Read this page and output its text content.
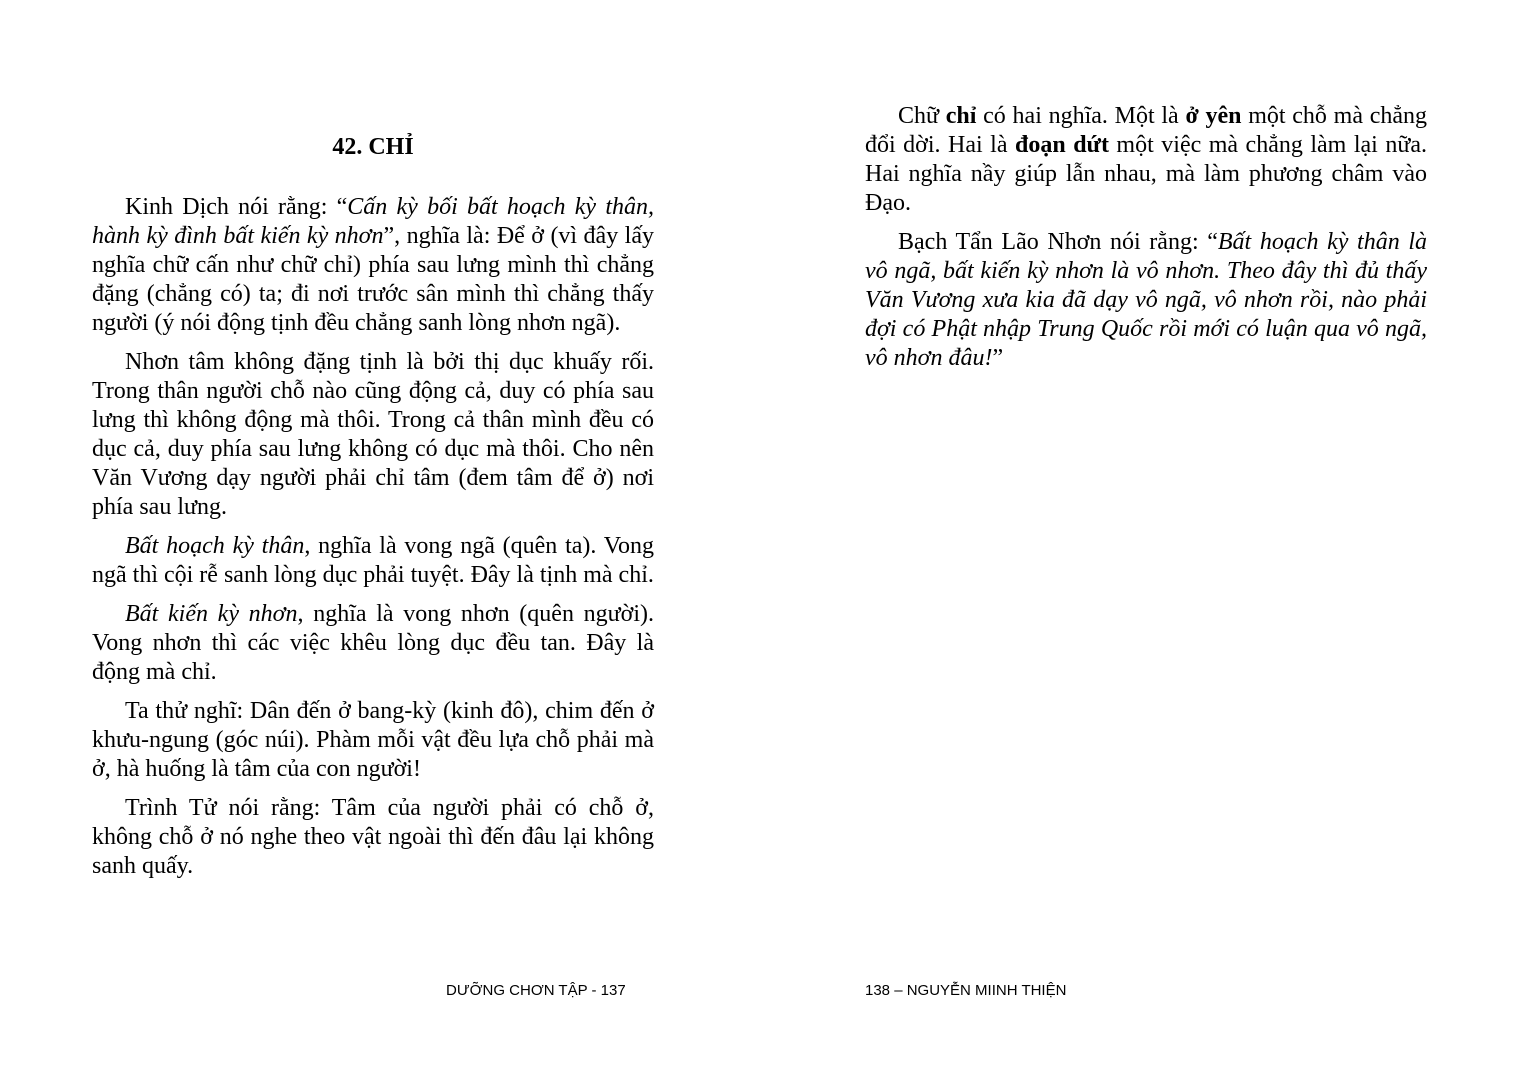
42. CHỈ

Kinh Dịch nói rằng: “Cấn kỳ bối bất hoạch kỳ thân, hành kỳ đình bất kiến kỳ nhơn”, nghĩa là: Để ở (vì đây lấy nghĩa chữ cấn như chữ chỉ) phía sau lưng mình thì chẳng đặng (chẳng có) ta; đi nơi trước sân mình thì chẳng thấy người (ý nói động tịnh đều chẳng sanh lòng nhơn ngã).

Nhơn tâm không đặng tịnh là bởi thị dục khuấy rối. Trong thân người chỗ nào cũng động cả, duy có phía sau lưng thì không động mà thôi. Trong cả thân mình đều có dục cả, duy phía sau lưng không có dục mà thôi. Cho nên Văn Vương dạy người phải chỉ tâm (đem tâm để ở) nơi phía sau lưng.

Bất hoạch kỳ thân, nghĩa là vong ngã (quên ta). Vong ngã thì cội rễ sanh lòng dục phải tuyệt. Đây là tịnh mà chỉ.

Bất kiến kỳ nhơn, nghĩa là vong nhơn (quên người). Vong nhơn thì các việc khêu lòng dục đều tan. Đây là động mà chỉ.

Ta thử nghĩ: Dân đến ở bang-kỳ (kinh đô), chim đến ở khưu-ngung (góc núi). Phàm mỗi vật đều lựa chỗ phải mà ở, hà huống là tâm của con người!

Trình Tử nói rằng: Tâm của người phải có chỗ ở, không chỗ ở nó nghe theo vật ngoài thì đến đâu lại không sanh quấy.

Chữ chỉ có hai nghĩa. Một là ở yên một chỗ mà chẳng đổi dời. Hai là đoạn dứt một việc mà chẳng làm lại nữa. Hai nghĩa nầy giúp lẫn nhau, mà làm phương châm vào Đạo.

Bạch Tẩn Lão Nhơn nói rằng: “Bất hoạch kỳ thân là vô ngã, bất kiến kỳ nhơn là vô nhơn. Theo đây thì đủ thấy Văn Vương xưa kia đã dạy vô ngã, vô nhơn rồi, nào phải đợi có Phật nhập Trung Quốc rồi mới có luận qua vô ngã, vô nhơn đâu!”

DƯỠNG CHƠN TẬP - 137	138 – NGUYỄN MIINH THIỆN
